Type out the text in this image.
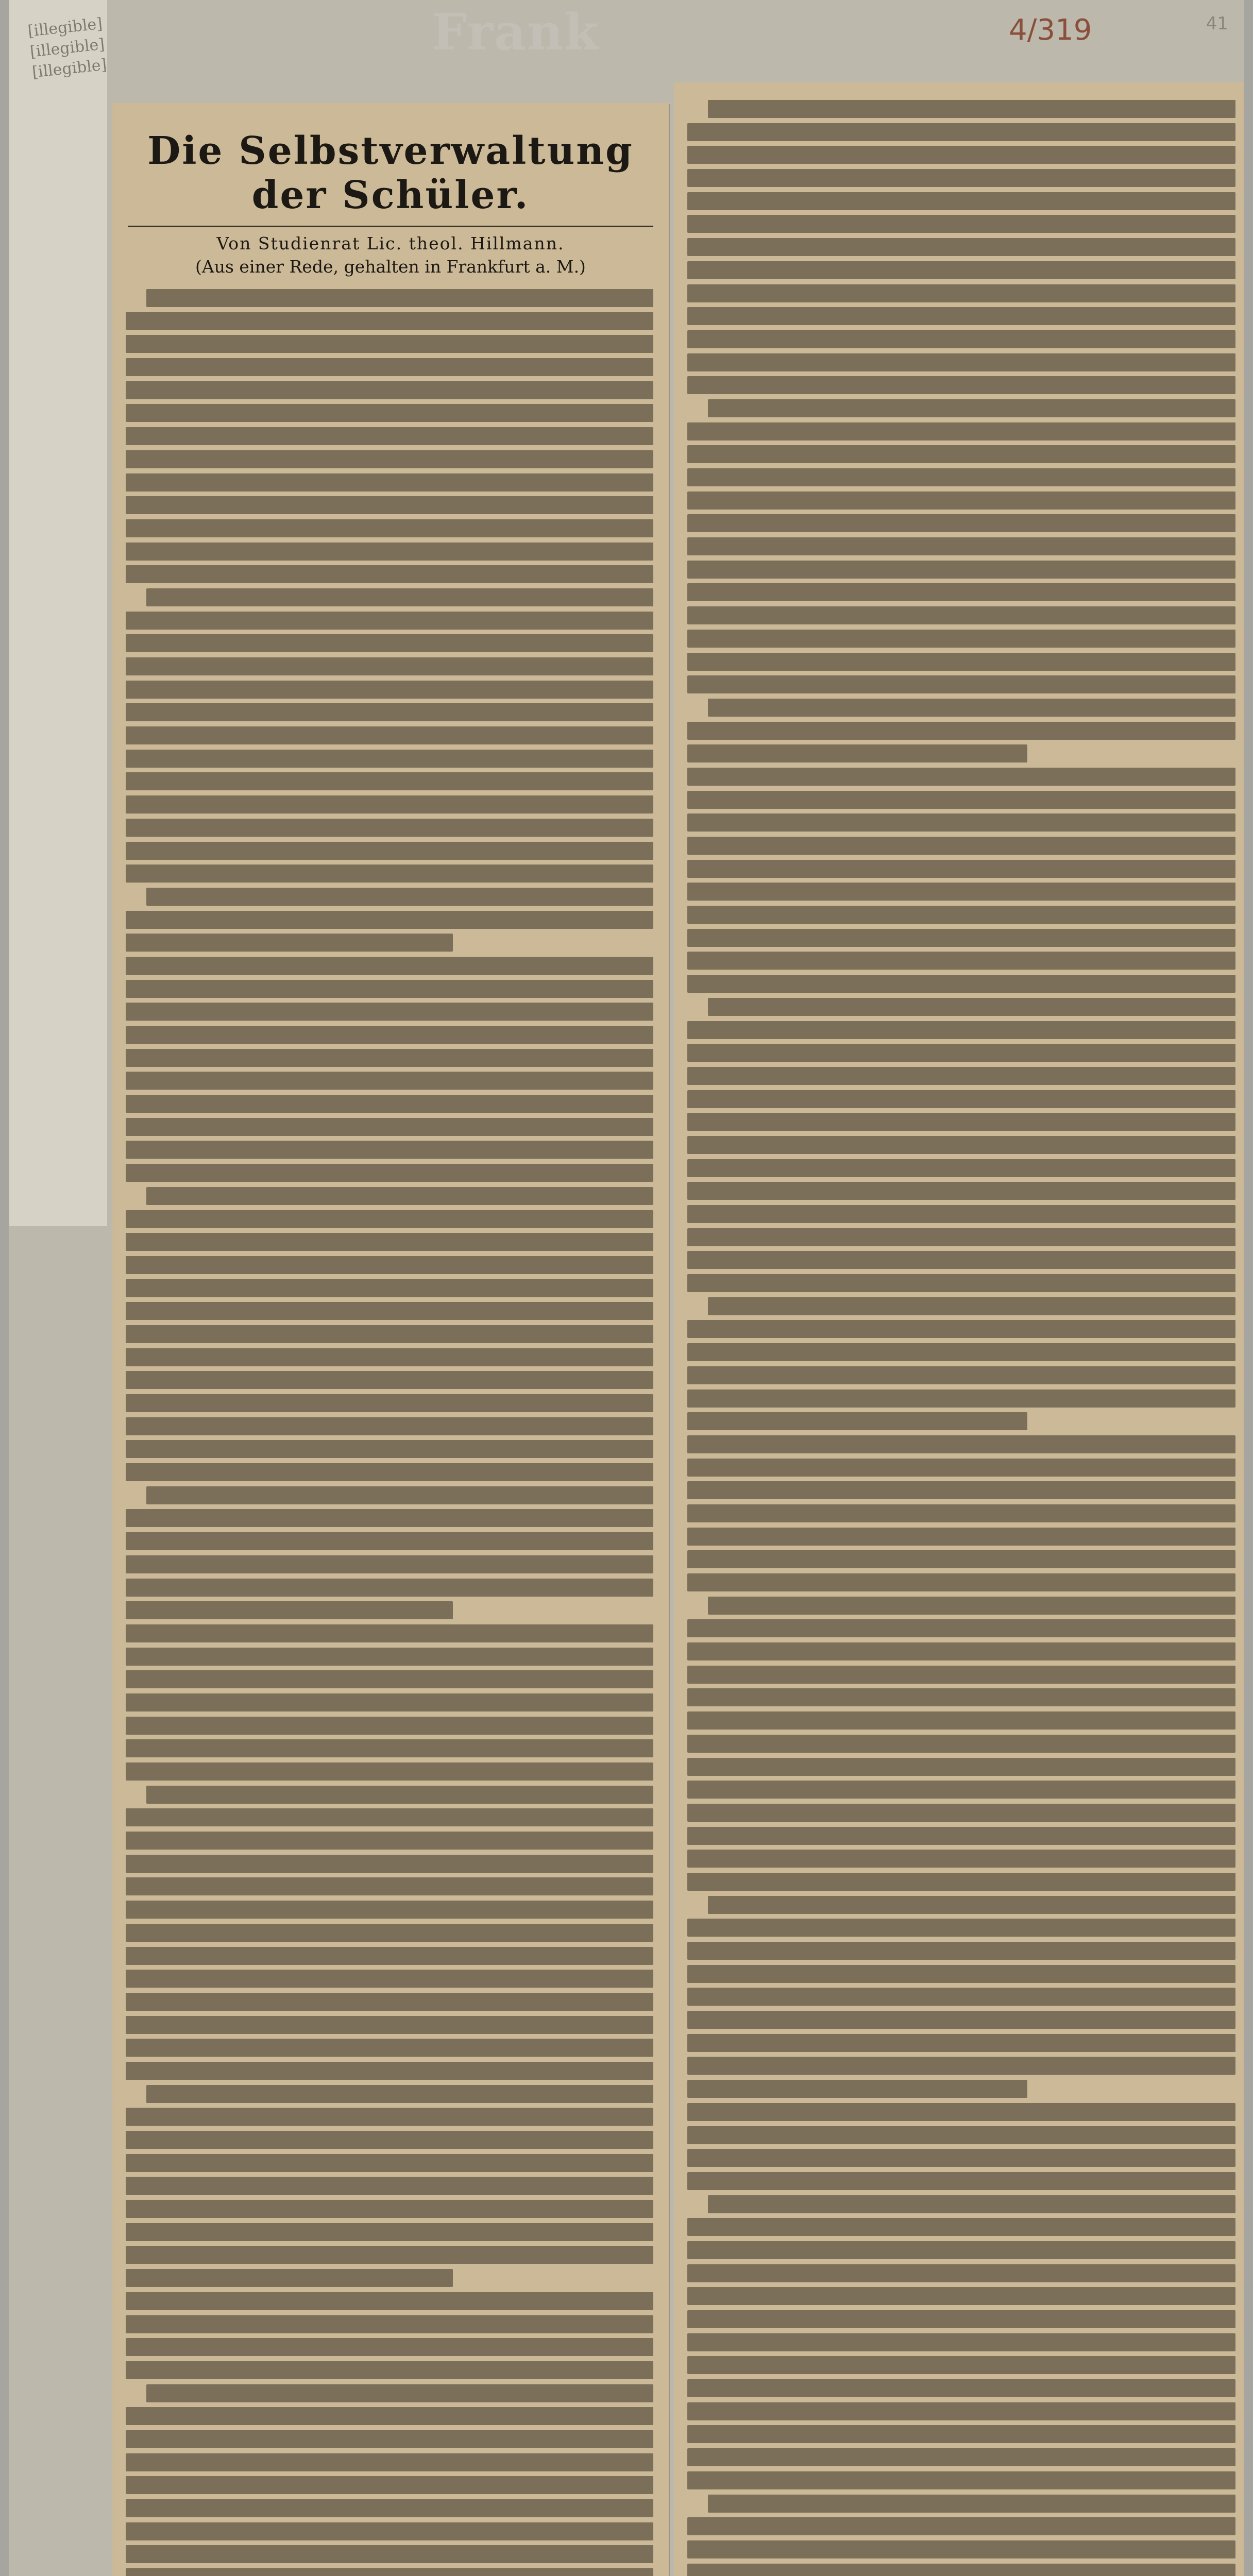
[illegible]
[illegible]
[illegible]
Frank	4/319	41
Die Selbstverwaltung der Schüler.
Von Studienrat Lic. theol. Hillmann.
(Aus einer Rede, gehalten in Frankfurt a. M.)
